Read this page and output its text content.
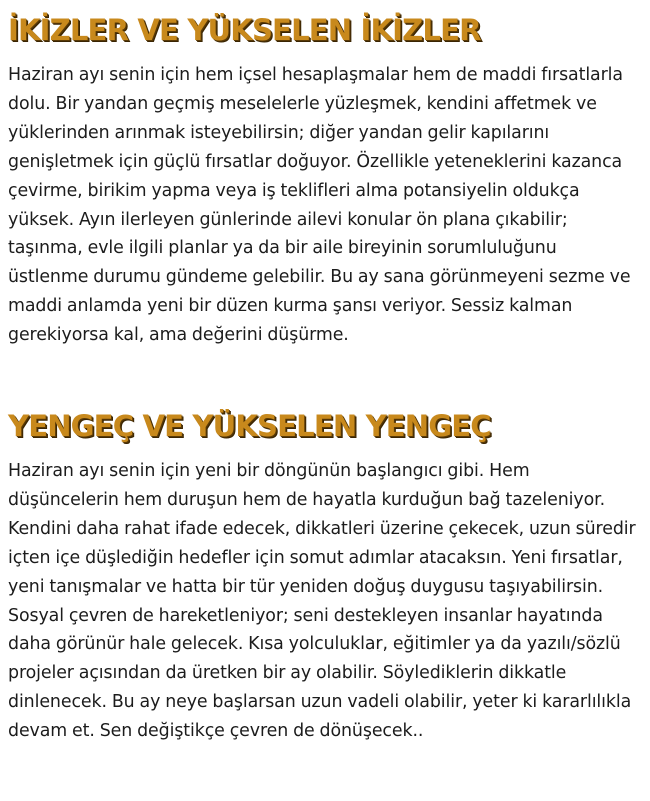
İKİZLER VE YÜKSELEN İKİZLER

Haziran ayı senin için hem içsel hesaplaşmalar hem de maddi fırsatlarla dolu. Bir yandan geçmiş meselelerle yüzleşmek, kendini affetmek ve yüklerinden arınmak isteyebilirsin; diğer yandan gelir kapılarını genişletmek için güçlü fırsatlar doğuyor. Özellikle yeteneklerini kazanca çevirme, birikim yapma veya iş teklifleri alma potansiyelin oldukça yüksek. Ayın ilerleyen günlerinde ailevi konular ön plana çıkabilir; taşınma, evle ilgili planlar ya da bir aile bireyinin sorumluluğunu üstlenme durumu gündeme gelebilir. Bu ay sana görünmeyeni sezme ve maddi anlamda yeni bir düzen kurma şansı veriyor. Sessiz kalman gerekiyorsa kal, ama değerini düşürme.

YENGEÇ VE YÜKSELEN YENGEÇ

Haziran ayı senin için yeni bir döngünün başlangıcı gibi. Hem düşüncelerin hem duruşun hem de hayatla kurduğun bağ tazeleniyor. Kendini daha rahat ifade edecek, dikkatleri üzerine çekecek, uzun süredir içten içe düşlediğin hedefler için somut adımlar atacaksın. Yeni fırsatlar, yeni tanışmalar ve hatta bir tür yeniden doğuş duygusu taşıyabilirsin. Sosyal çevren de hareketleniyor; seni destekleyen insanlar hayatında daha görünür hale gelecek. Kısa yolculuklar, eğitimler ya da yazılı/sözlü projeler açısından da üretken bir ay olabilir. Söylediklerin dikkatle dinlenecek. Bu ay neye başlarsan uzun vadeli olabilir, yeter ki kararlılıkla devam et. Sen değiştikçe çevren de dönüşecek..
